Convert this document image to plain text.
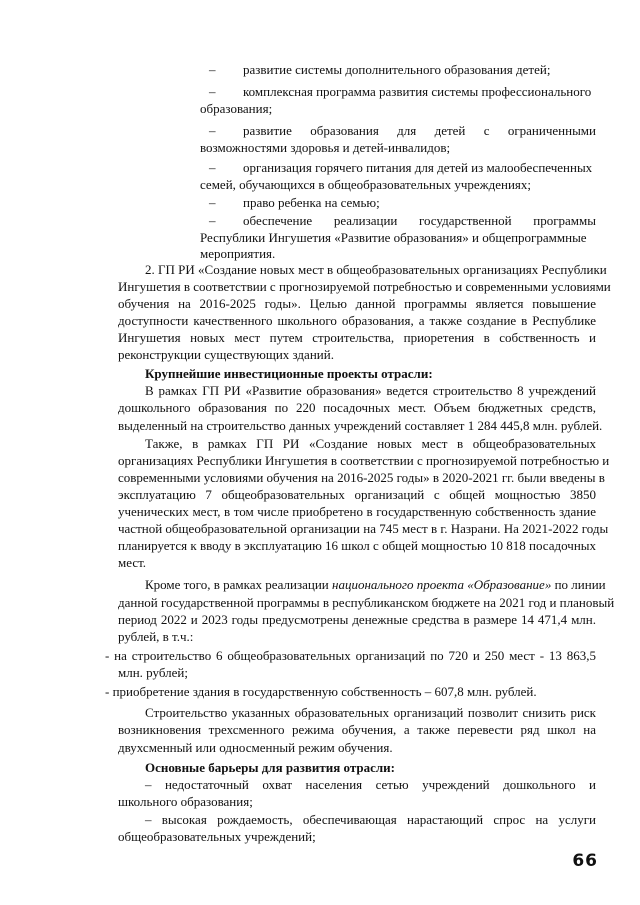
– развитие системы дополнительного образования детей;
– комплексная программа развития системы профессионального
образования;
– развитие образования для детей с ограниченными
возможностями здоровья и детей-инвалидов;
– организация горячего питания для детей из малообеспеченных
семей, обучающихся в общеобразовательных учреждениях;
– право ребенка на семью;
– обеспечение реализации государственной программы
Республики Ингушетия «Развитие образования» и общепрограммные
мероприятия.
2. ГП РИ «Создание новых мест в общеобразовательных организациях Республики
Ингушетия в соответствии с прогнозируемой потребностью и современными условиями
обучения на 2016-2025 годы». Целью данной программы является повышение
доступности качественного школьного образования, а также создание в Республике
Ингушетия новых мест путем строительства, приоретения в собственность и
реконструкции существующих зданий.
Крупнейшие инвестиционные проекты отрасли:
В рамках ГП РИ «Развитие образования» ведется строительство 8 учреждений
дошкольного образования по 220 посадочных мест. Объем бюджетных средств,
выделенный на строительство данных учреждений составляет 1 284 445,8 млн. рублей.
Также, в рамках ГП РИ «Создание новых мест в общеобразовательных
организациях Республики Ингушетия в соответствии с прогнозируемой потребностью и
современными условиями обучения на 2016-2025 годы» в 2020-2021 гг. были введены в
эксплуатацию 7 общеобразовательных организаций с общей мощностью 3850
ученических мест, в том числе приобретено в государственную собственность здание
частной общеобразовательной организации на 745 мест в г. Назрани. На 2021-2022 годы
планируется к вводу в эксплуатацию 16 школ с общей мощностью 10 818 посадочных
мест.
Кроме того, в рамках реализации национального проекта «Образование» по линии
данной государственной программы в республиканском бюджете на 2021 год и плановый
период 2022 и 2023 годы предусмотрены денежные средства в размере 14 471,4 млн.
рублей, в т.ч.:
- на строительство 6 общеобразовательных организаций по 720 и 250 мест - 13 863,5
млн. рублей;
- приобретение здания в государственную собственность – 607,8 млн. рублей.
Строительство указанных образовательных организаций позволит снизить риск
возникновения трехсменного режима обучения, а также перевести ряд школ на
двухсменный или односменный режим обучения.
Основные барьеры для развития отрасли:
– недостаточный охват населения сетью учреждений дошкольного и
школьного образования;
– высокая рождаемость, обеспечивающая нарастающий спрос на услуги
общеобразовательных учреждений;
66
